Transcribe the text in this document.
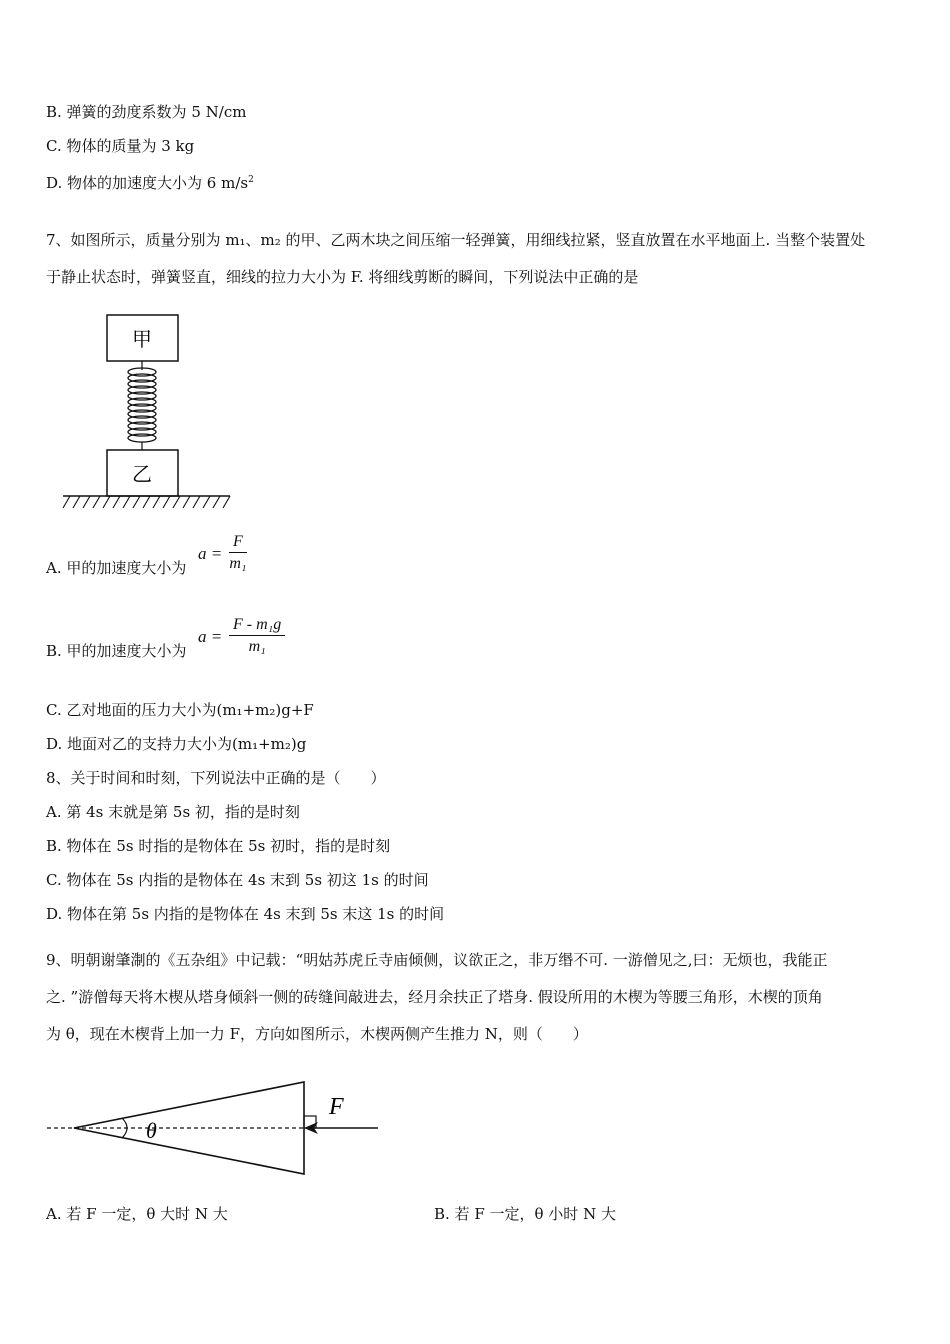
B. 弹簧的劲度系数为 5 N/cm
C. 物体的质量为 3 kg
D. 物体的加速度大小为 6 $m/s^2$
7、如图所示，质量分别为 m₁、m₂ 的甲、乙两木块之间压缩一轻弹簧，用细线拉紧，竖直放置在水平地面上. 当整个装置处
于静止状态时，弹簧竖直，细线的拉力大小为 F. 将细线剪断的瞬间，下列说法中正确的是
甲
乙
A. 甲的加速度大小为
$a = \frac{F}{\text{m₁}}$
B. 甲的加速度大小为
$a = \frac{\text{F - m₁g}}{\text{m₁}}$
C. 乙对地面的压力大小为(m₁+m₂)g+F
D. 地面对乙的支持力大小为(m₁+m₂)g
8、关于时间和时刻，下列说法中正确的是（　　）
A. 第 4s 末就是第 5s 初，指的是时刻
B. 物体在 5s 时指的是物体在 5s 初时，指的是时刻
C. 物体在 5s 内指的是物体在 4s 末到 5s 初这 1s 的时间
D. 物体在第 5s 内指的是物体在 4s 末到 5s 末这 1s 的时间
9、明朝谢肇淛的《五杂组》中记载：“明姑苏虎丘寺庙倾侧，议欲正之，非万缗不可. 一游僧见之,曰：无烦也，我能正
之. ”游僧每天将木楔从塔身倾斜一侧的砖缝间敲进去，经月余扶正了塔身. 假设所用的木楔为等腰三角形，木楔的顶角
为 θ，现在木楔背上加一力 F，方向如图所示，木楔两侧产生推力 N，则（　　）
θ
F
A. 若 F 一定，θ 大时 N 大	B. 若 F 一定，θ 小时 N 大
